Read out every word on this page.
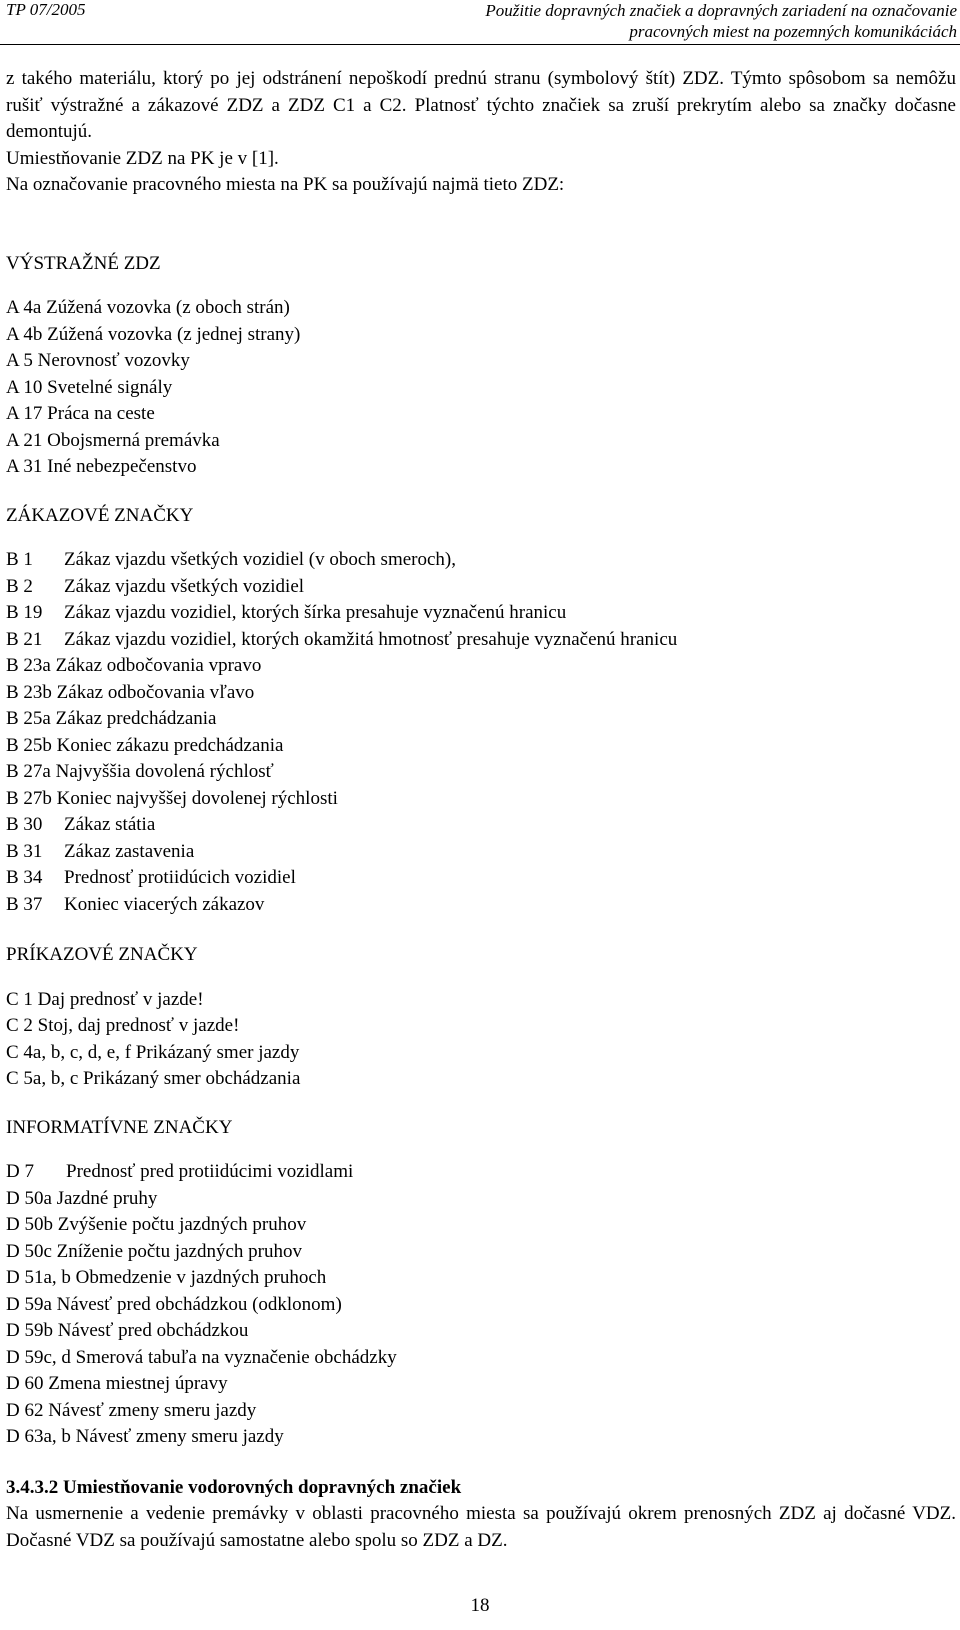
TP 07/2005	Použitie dopravných značiek a dopravných zariadení na označovanie
pracovných miest na pozemných komunikáciách

z takého materiálu, ktorý po jej odstránení nepoškodí prednú stranu (symbolový štít) ZDZ. Týmto spôsobom sa nemôžu rušiť výstražné a zákazové ZDZ a ZDZ C1 a C2. Platnosť týchto značiek sa zruší prekrytím alebo sa značky dočasne demontujú.

Umiestňovanie ZDZ na PK je v [1].

Na označovanie pracovného miesta na PK sa používajú najmä tieto ZDZ:

VÝSTRAŽNÉ ZDZ

A 4a Zúžená vozovka (z oboch strán)
A 4b Zúžená vozovka (z jednej strany)
A 5 Nerovnosť vozovky
A 10 Svetelné signály
A 17 Práca na ceste
A 21 Obojsmerná premávka
A 31 Iné nebezpečenstvo

ZÁKAZOVÉ ZNAČKY

B 1 Zákaz vjazdu všetkých vozidiel (v oboch smeroch),
B 2 Zákaz vjazdu všetkých vozidiel
B 19 Zákaz vjazdu vozidiel, ktorých šírka presahuje vyznačenú hranicu
B 21 Zákaz vjazdu vozidiel, ktorých okamžitá hmotnosť presahuje vyznačenú hranicu
B 23a Zákaz odbočovania vpravo
B 23b Zákaz odbočovania vľavo
B 25a Zákaz predchádzania
B 25b Koniec zákazu predchádzania
B 27a Najvyššia dovolená rýchlosť
B 27b Koniec najvyššej dovolenej rýchlosti
B 30 Zákaz státia
B 31 Zákaz zastavenia
B 34 Prednosť protiidúcich vozidiel
B 37 Koniec viacerých zákazov

PRÍKAZOVÉ ZNAČKY

C 1 Daj prednosť v jazde!
C 2 Stoj, daj prednosť v jazde!
C 4a, b, c, d, e, f Prikázaný smer jazdy
C 5a, b, c Prikázaný smer obchádzania

INFORMATÍVNE ZNAČKY

D 7 Prednosť pred protiidúcimi vozidlami
D 50a Jazdné pruhy
D 50b Zvýšenie počtu jazdných pruhov
D 50c Zníženie počtu jazdných pruhov
D 51a, b Obmedzenie v jazdných pruhoch
D 59a Návesť pred obchádzkou (odklonom)
D 59b Návesť pred obchádzkou
D 59c, d Smerová tabuľa na vyznačenie obchádzky
D 60 Zmena miestnej úpravy
D 62 Návesť zmeny smeru jazdy
D 63a, b Návesť zmeny smeru jazdy

3.4.3.2 Umiestňovanie vodorovných dopravných značiek

Na usmernenie a vedenie premávky v oblasti pracovného miesta sa používajú okrem prenosných ZDZ aj dočasné VDZ. Dočasné VDZ sa používajú samostatne alebo spolu so ZDZ a DZ.

18
